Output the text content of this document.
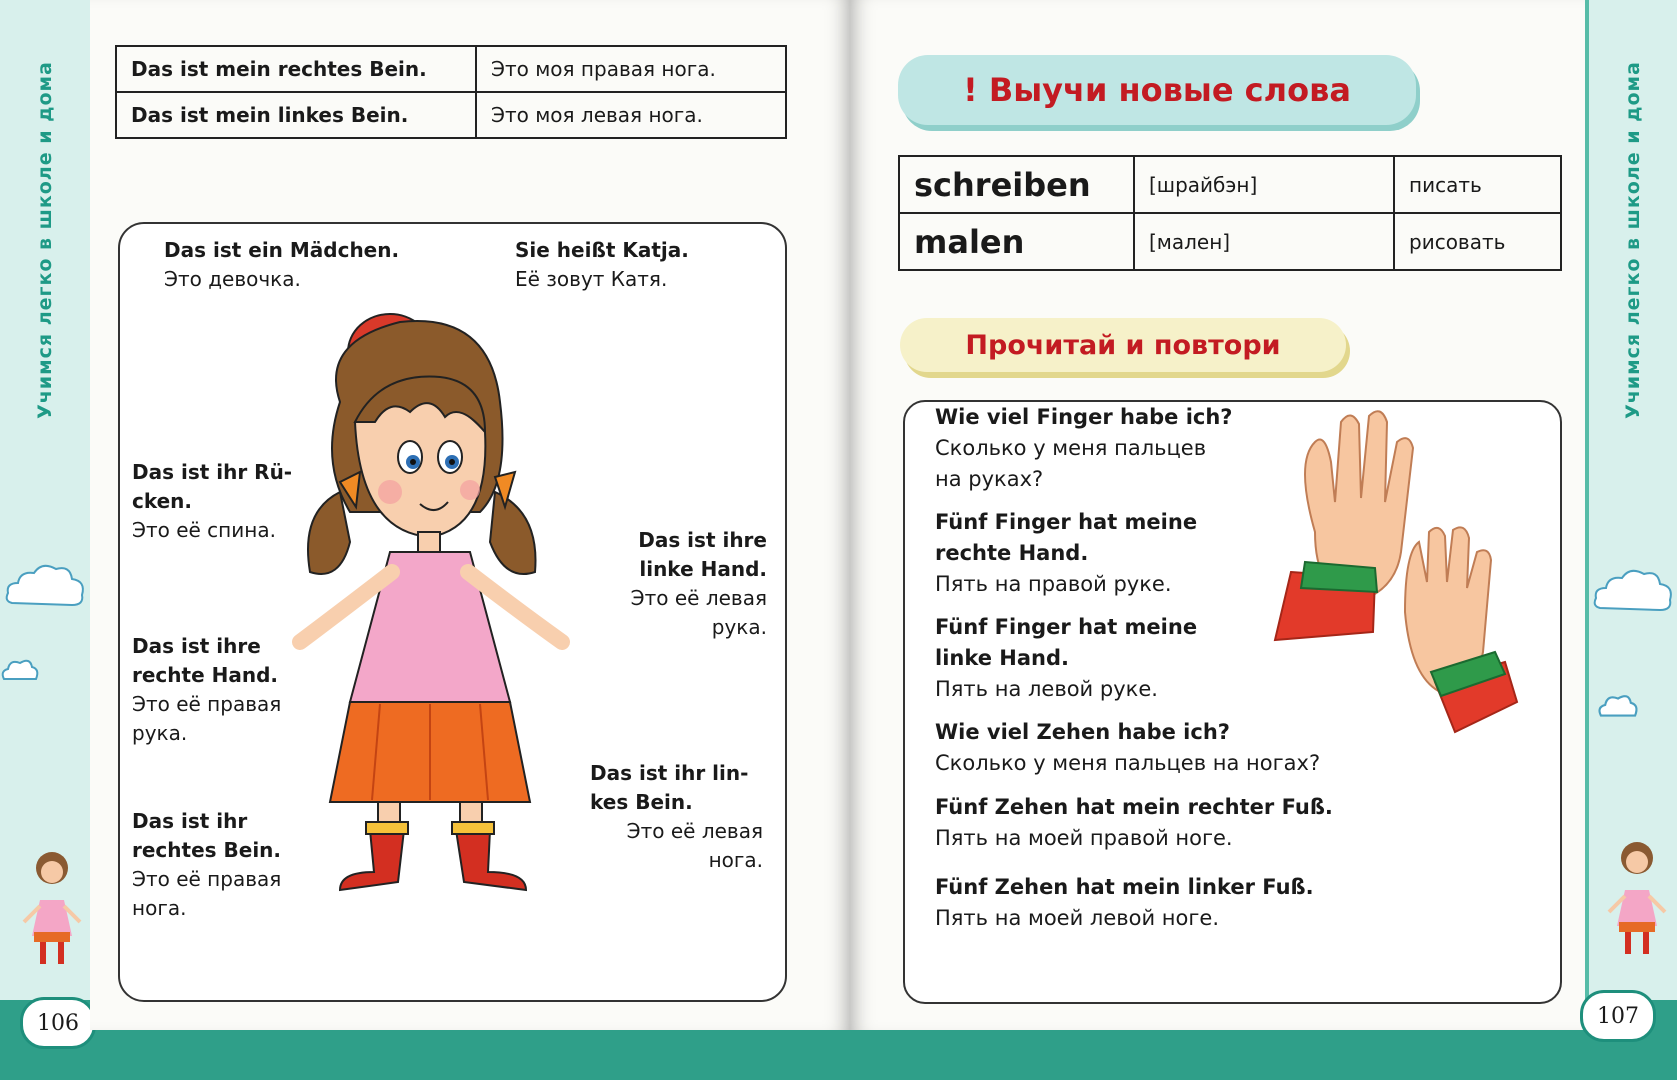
Учимся легко в школе и дома
106
Das ist mein rechtes Bein.	Это моя правая нога.
Das ist mein linkes Bein.	Это моя левая нога.
Das ist ein Mädchen.
Это девочка.
Sie heißt Katja.
Её зовут Катя.
Das ist ihr Rü-
cken.
Это её спина.	Das ist ihre
linke Hand.
Это её левая
рука.
Das ist ihre
rechte Hand.
Это её правая
рука.
Das ist ihr lin-
kes Bein.
Это её левая
нога.
Das ist ihr
rechtes Bein.
Это её правая
нога.
! Выучи новые слова
schreiben	[шрайбэн]	писать
malen	[мален]	рисовать
Прочитай и повтори
Wie viel Finger habe ich?
Сколько у меня пальцев
на руках?
Fünf Finger hat meine
rechte Hand.
Пять на правой руке.
Fünf Finger hat meine
linke Hand.
Пять на левой руке.
Wie viel Zehen habe ich?
Сколько у меня пальцев на ногах?
Fünf Zehen hat mein rechter Fuß.
Пять на моей правой ноге.
Fünf Zehen hat mein linker Fuß.
Пять на моей левой ноге.
Учимся легко в школе и дома
107
